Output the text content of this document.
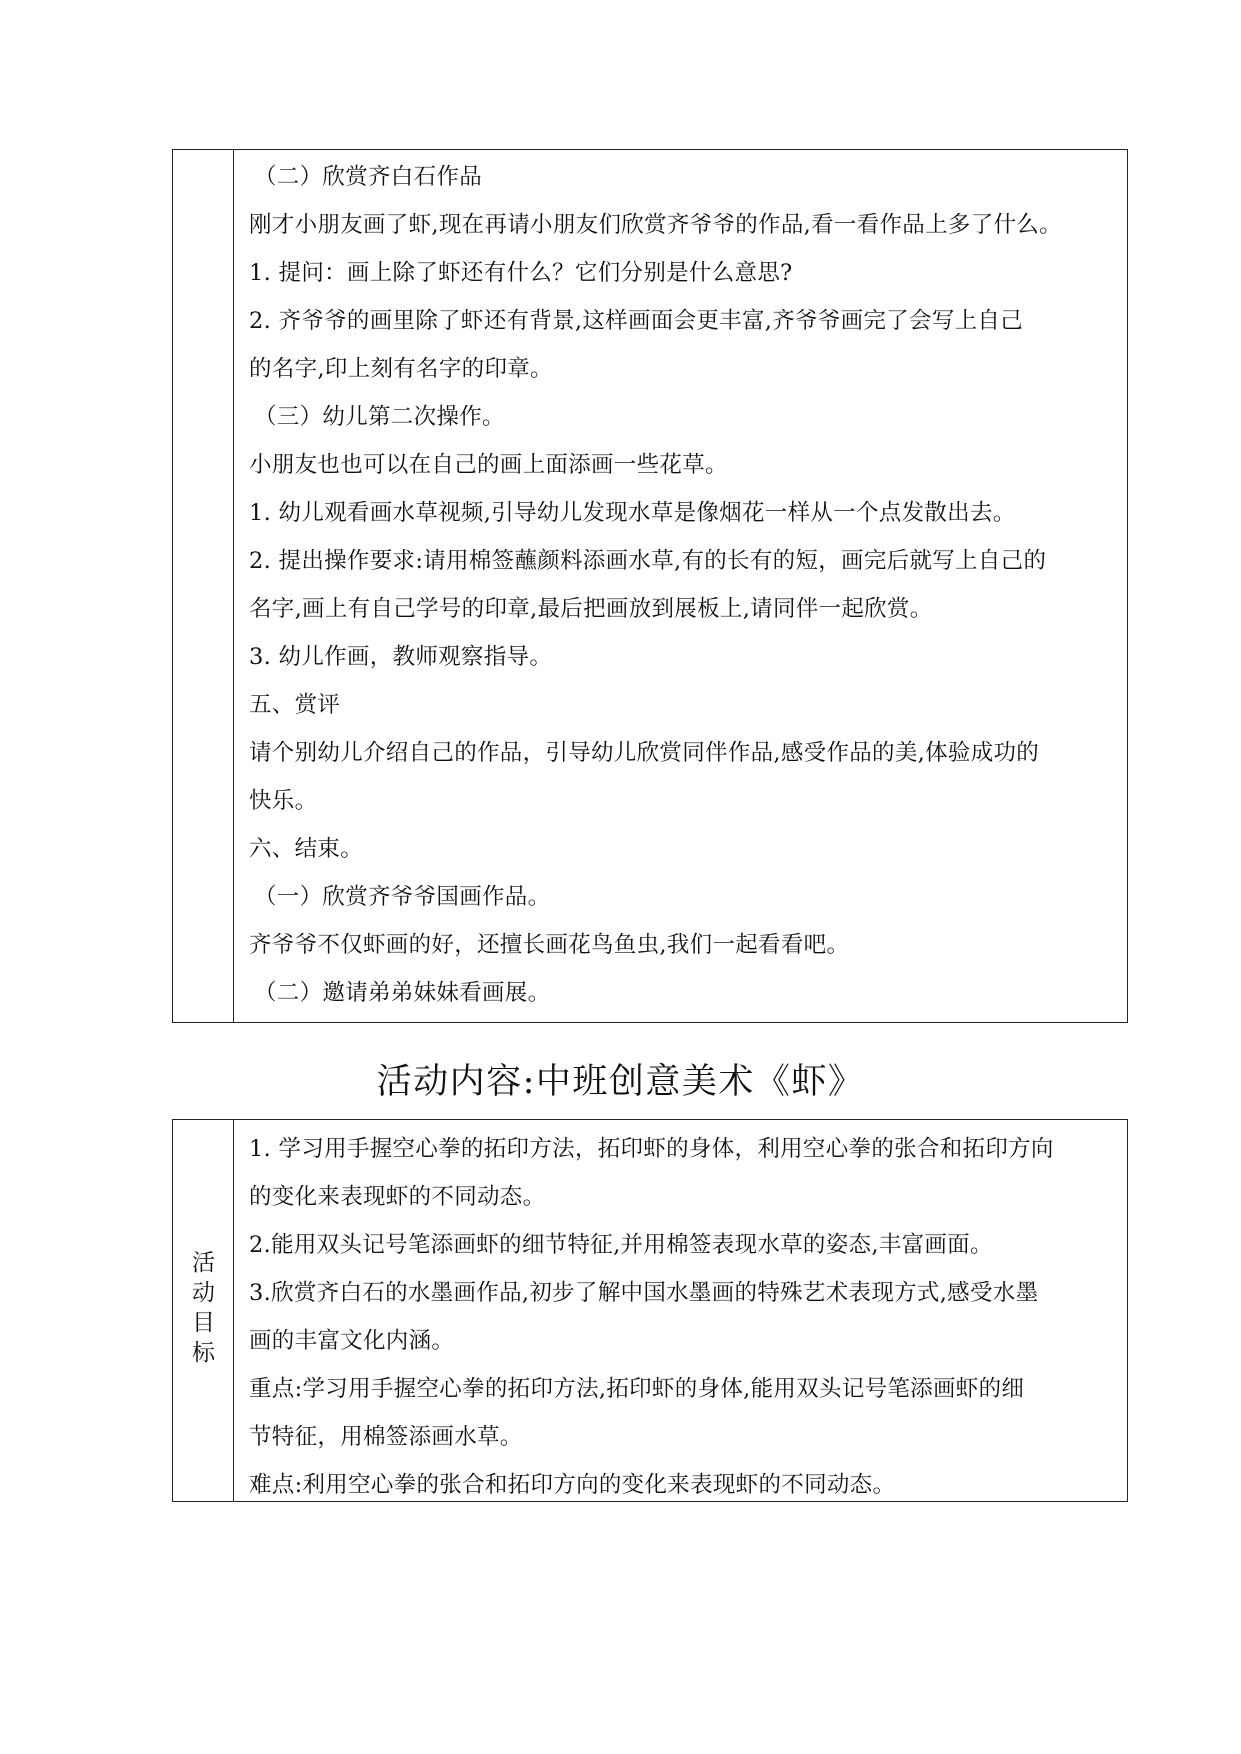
（二）欣赏齐白石作品
刚才小朋友画了虾,现在再请小朋友们欣赏齐爷爷的作品,看一看作品上多了什么。
1. 提问：画上除了虾还有什么？它们分别是什么意思?
2. 齐爷爷的画里除了虾还有背景,这样画面会更丰富,齐爷爷画完了会写上自己
的名字,印上刻有名字的印章。
（三）幼儿第二次操作。
小朋友也也可以在自己的画上面添画一些花草。
1. 幼儿观看画水草视频,引导幼儿发现水草是像烟花一样从一个点发散出去。
2. 提出操作要求:请用棉签蘸颜料添画水草,有的长有的短，画完后就写上自己的
名字,画上有自己学号的印章,最后把画放到展板上,请同伴一起欣赏。
3. 幼儿作画，教师观察指导。
五、赏评
请个别幼儿介绍自己的作品，引导幼儿欣赏同伴作品,感受作品的美,体验成功的
快乐。
六、结束。
（一）欣赏齐爷爷国画作品。
齐爷爷不仅虾画的好，还擅长画花鸟鱼虫,我们一起看看吧。
（二）邀请弟弟妹妹看画展。
活动内容:中班创意美术《虾》
活
动
目
标
1. 学习用手握空心拳的拓印方法，拓印虾的身体，利用空心拳的张合和拓印方向
的变化来表现虾的不同动态。
2.能用双头记号笔添画虾的细节特征,并用棉签表现水草的姿态,丰富画面。
3.欣赏齐白石的水墨画作品,初步了解中国水墨画的特殊艺术表现方式,感受水墨
画的丰富文化内涵。
重点:学习用手握空心拳的拓印方法,拓印虾的身体,能用双头记号笔添画虾的细
节特征，用棉签添画水草。
难点:利用空心拳的张合和拓印方向的变化来表现虾的不同动态。
